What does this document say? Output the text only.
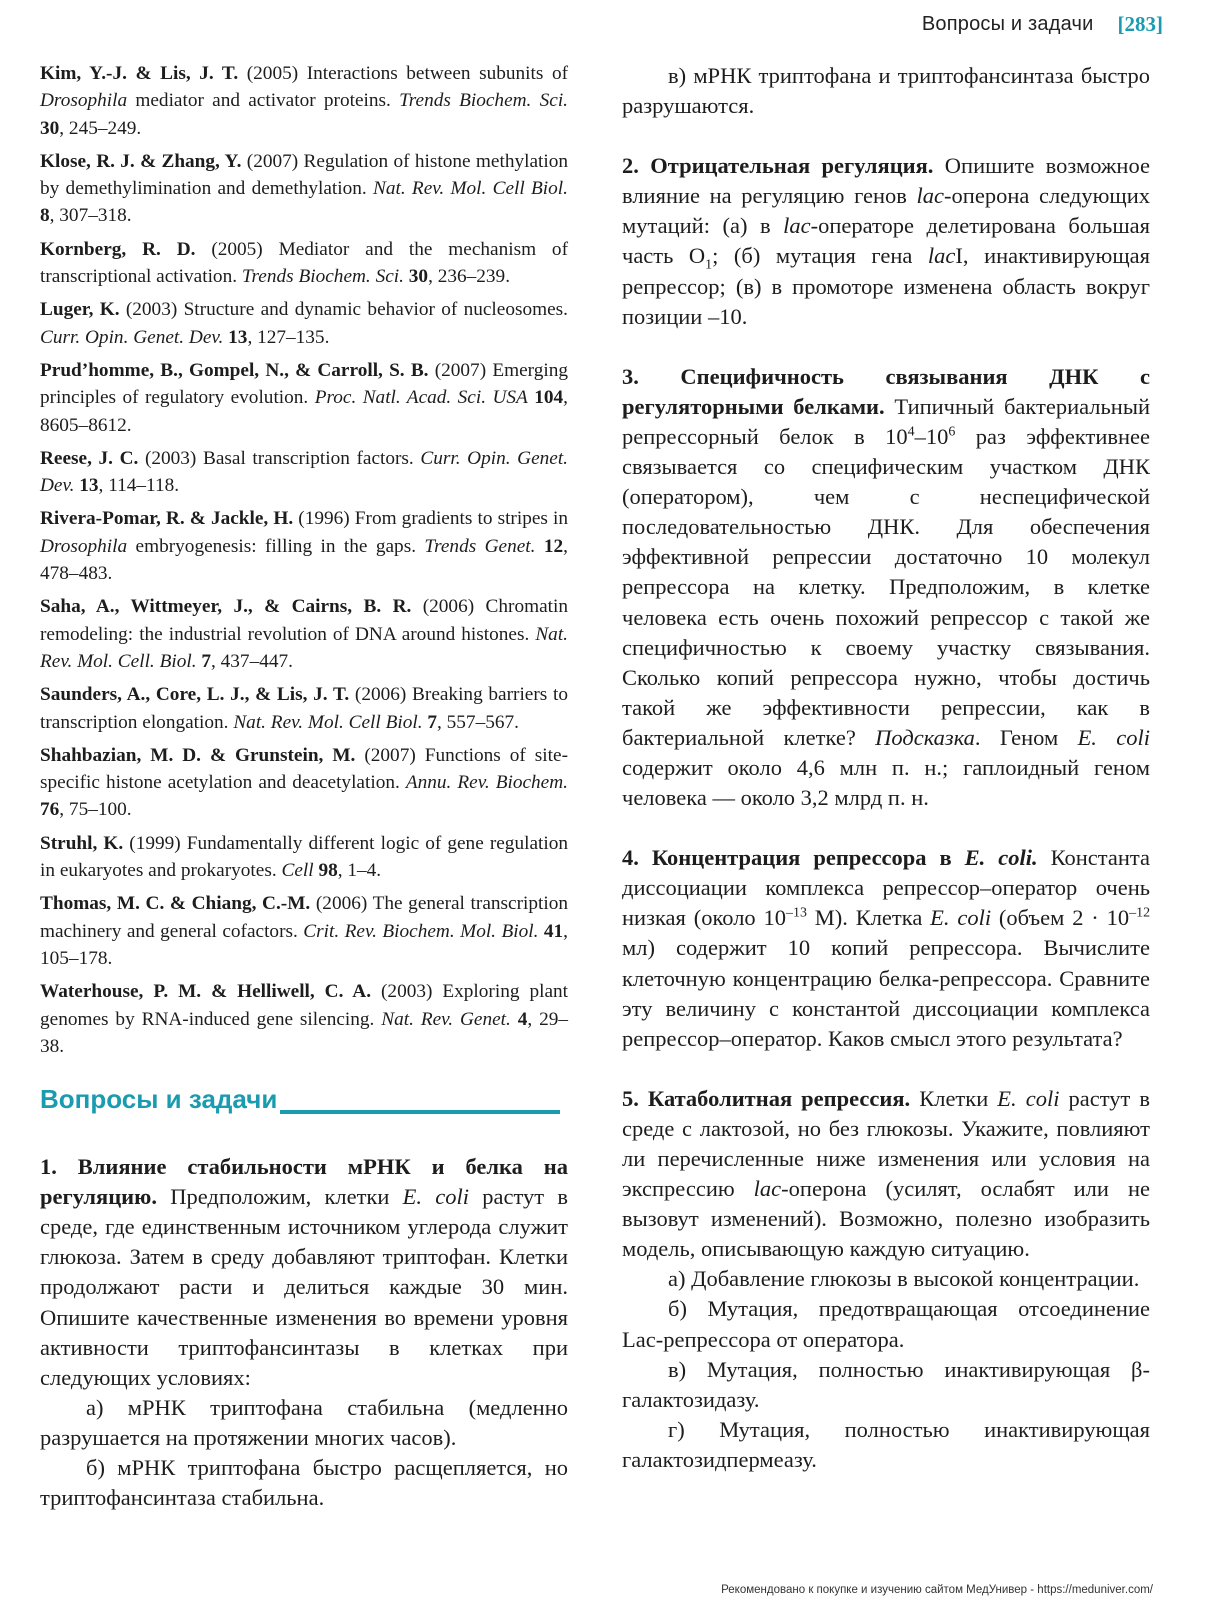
Вопросы и задачи [283]

Kim, Y.-J. & Lis, J. T. (2005) Interactions between subunits of Drosophila mediator and activator proteins. Trends Biochem. Sci. 30, 245–249.

Klose, R. J. & Zhang, Y. (2007) Regulation of histone methylation by demethylimination and demethylation. Nat. Rev. Mol. Cell Biol. 8, 307–318.

Kornberg, R. D. (2005) Mediator and the mechanism of transcriptional activation. Trends Biochem. Sci. 30, 236–239.

Luger, K. (2003) Structure and dynamic behavior of nucleosomes. Curr. Opin. Genet. Dev. 13, 127–135.

Prud’homme, B., Gompel, N., & Carroll, S. B. (2007) Emerging principles of regulatory evolution. Proc. Natl. Acad. Sci. USA 104, 8605–8612.

Reese, J. C. (2003) Basal transcription factors. Curr. Opin. Genet. Dev. 13, 114–118.

Rivera-Pomar, R. & Jackle, H. (1996) From gradients to stripes in Drosophila embryogenesis: filling in the gaps. Trends Genet. 12, 478–483.

Saha, A., Wittmeyer, J., & Cairns, B. R. (2006) Chromatin remodeling: the industrial revolution of DNA around histones. Nat. Rev. Mol. Cell. Biol. 7, 437–447.

Saunders, A., Core, L. J., & Lis, J. T. (2006) Breaking barriers to transcription elongation. Nat. Rev. Mol. Cell Biol. 7, 557–567.

Shahbazian, M. D. & Grunstein, M. (2007) Functions of site-specific histone acetylation and deacetylation. Annu. Rev. Biochem. 76, 75–100.

Struhl, K. (1999) Fundamentally different logic of gene regulation in eukaryotes and prokaryotes. Cell 98, 1–4.

Thomas, M. C. & Chiang, C.-M. (2006) The general transcription machinery and general cofactors. Crit. Rev. Biochem. Mol. Biol. 41, 105–178.

Waterhouse, P. M. & Helliwell, C. A. (2003) Exploring plant genomes by RNA-induced gene silencing. Nat. Rev. Genet. 4, 29–38.

Вопросы и задачи

1. Влияние стабильности мРНК и белка на регуляцию. Предположим, клетки E. coli растут в среде, где единственным источником углерода служит глюкоза. Затем в среду добавляют триптофан. Клетки продолжают расти и делиться каждые 30 мин. Опишите качественные изменения во времени уровня активности триптофансинтазы в клетках при следующих условиях:

а) мРНК триптофана стабильна (медленно разрушается на протяжении многих часов).

б) мРНК триптофана быстро расщепляется, но триптофансинтаза стабильна.

в) мРНК триптофана и триптофансинтаза быстро разрушаются.

2. Отрицательная регуляция. Опишите возможное влияние на регуляцию генов lac-оперона следующих мутаций: (а) в lac-операторе делетирована большая часть $O_1$; (б) мутация гена lacI, инактивирующая репрессор; (в) в промоторе изменена область вокруг позиции –10.

3. Специфичность связывания ДНК с регуляторными белками. Типичный бактериальный репрессорный белок в $10^4-10^6$ раз эффективнее связывается со специфическим участком ДНК (оператором), чем с неспецифической последовательностью ДНК. Для обеспечения эффективной репрессии достаточно 10 молекул репрессора на клетку. Предположим, в клетке человека есть очень похожий репрессор с такой же специфичностью к своему участку связывания. Сколько копий репрессора нужно, чтобы достичь такой же эффективности репрессии, как в бактериальной клетке? Подсказка. Геном E. coli содержит около 4,6 млн п. н.; гаплоидный геном человека — около 3,2 млрд п. н.

4. Концентрация репрессора в E. coli. Константа диссоциации комплекса репрессор–оператор очень низкая (около $10^{-13}$ М). Клетка E. coli (объем $2 \cdot 10^{-12}$ мл) содержит 10 копий репрессора. Вычислите клеточную концентрацию белка-репрессора. Сравните эту величину с константой диссоциации комплекса репрессор–оператор. Каков смысл этого результата?

5. Катаболитная репрессия. Клетки E. coli растут в среде с лактозой, но без глюкозы. Укажите, повлияют ли перечисленные ниже изменения или условия на экспрессию lac-оперона (усилят, ослабят или не вызовут изменений). Возможно, полезно изобразить модель, описывающую каждую ситуацию.

а) Добавление глюкозы в высокой концентрации.

б) Мутация, предотвращающая отсоединение Lac-репрессора от оператора.

в) Мутация, полностью инактивирующая β-галактозидазу.

г) Мутация, полностью инактивирующая галактозидпермеазу.

Рекомендовано к покупке и изучению сайтом МедУнивер - https://meduniver.com/
